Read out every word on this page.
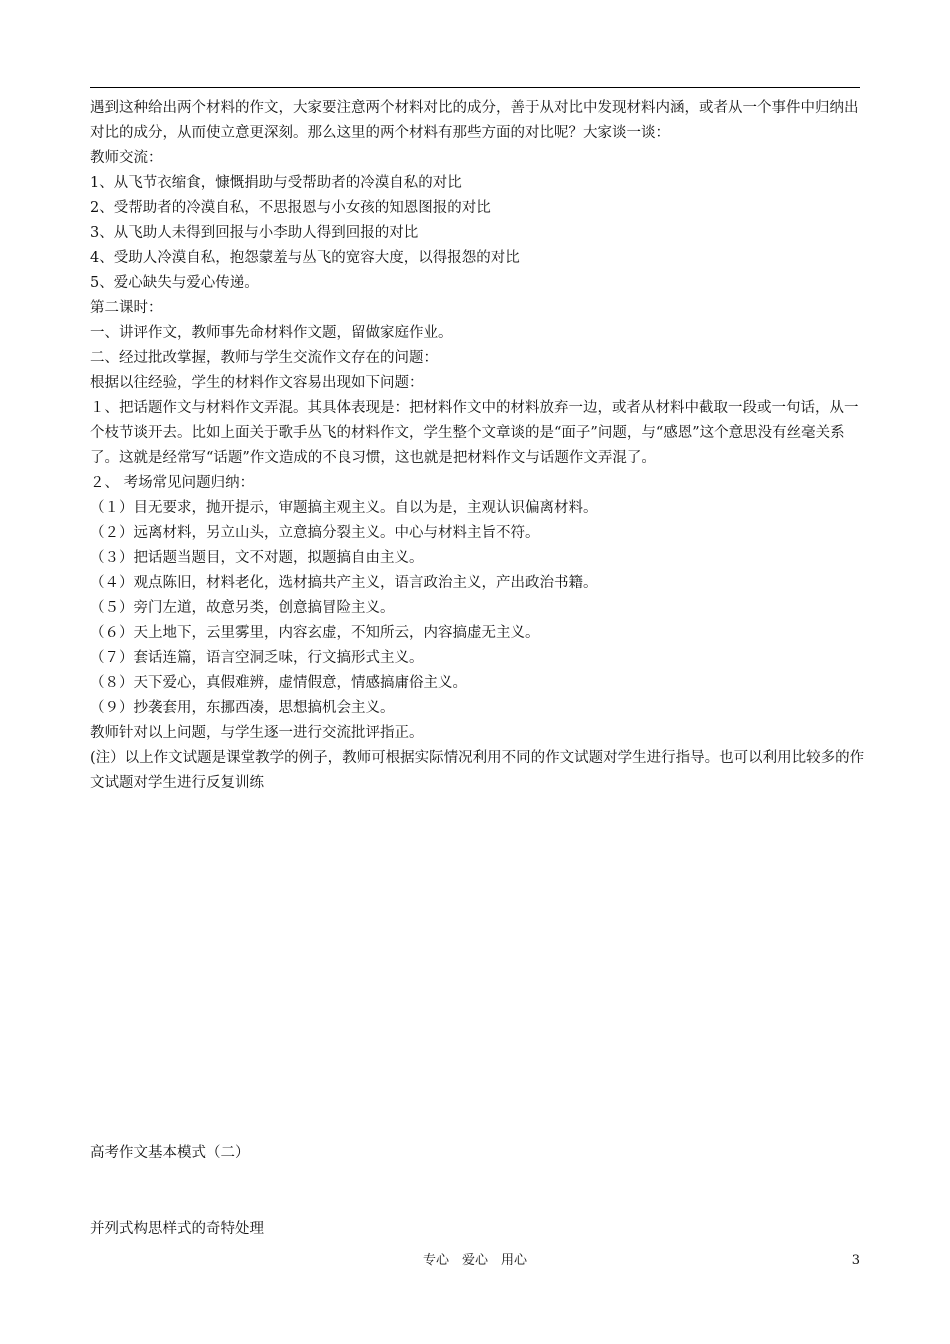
遇到这种给出两个材料的作文，大家要注意两个材料对比的成分，善于从对比中发现材料内涵，或者从一个事件中归纳出对比的成分，从而使立意更深刻。那么这里的两个材料有那些方面的对比呢？大家谈一谈：

教师交流：

1、从飞节衣缩食，慷慨捐助与受帮助者的冷漠自私的对比

2、受帮助者的冷漠自私，不思报恩与小女孩的知恩图报的对比

3、从飞助人未得到回报与小李助人得到回报的对比

4、受助人冷漠自私，抱怨蒙羞与丛飞的宽容大度，以得报怨的对比

5、爱心缺失与爱心传递。

第二课时：

一、讲评作文，教师事先命材料作文题，留做家庭作业。

二、经过批改掌握，教师与学生交流作文存在的问题：

根据以往经验，学生的材料作文容易出现如下问题：

１、把话题作文与材料作文弄混。其具体表现是：把材料作文中的材料放弃一边，或者从材料中截取一段或一句话，从一个枝节谈开去。比如上面关于歌手丛飞的材料作文，学生整个文章谈的是“面子”问题，与“感恩”这个意思没有丝毫关系了。这就是经常写“话题”作文造成的不良习惯，这也就是把材料作文与话题作文弄混了。

２、 考场常见问题归纳：

（１）目无要求，抛开提示，审题搞主观主义。自以为是，主观认识偏离材料。

（２）远离材料，另立山头，立意搞分裂主义。中心与材料主旨不符。

（３）把话题当题目，文不对题，拟题搞自由主义。

（４）观点陈旧，材料老化，选材搞共产主义，语言政治主义，产出政治书籍。

（５）旁门左道，故意另类，创意搞冒险主义。

（６）天上地下，云里雾里，内容玄虚，不知所云，内容搞虚无主义。

（７）套话连篇，语言空洞乏味，行文搞形式主义。

（８）天下爱心，真假难辨，虚情假意，情感搞庸俗主义。

（９）抄袭套用，东挪西凑，思想搞机会主义。

教师针对以上问题，与学生逐一进行交流批评指正。

(注）以上作文试题是课堂教学的例子，教师可根据实际情况利用不同的作文试题对学生进行指导。也可以利用比较多的作文试题对学生进行反复训练

高考作文基本模式（二）

并列式构思样式的奇特处理

专心　爱心　用心	3
